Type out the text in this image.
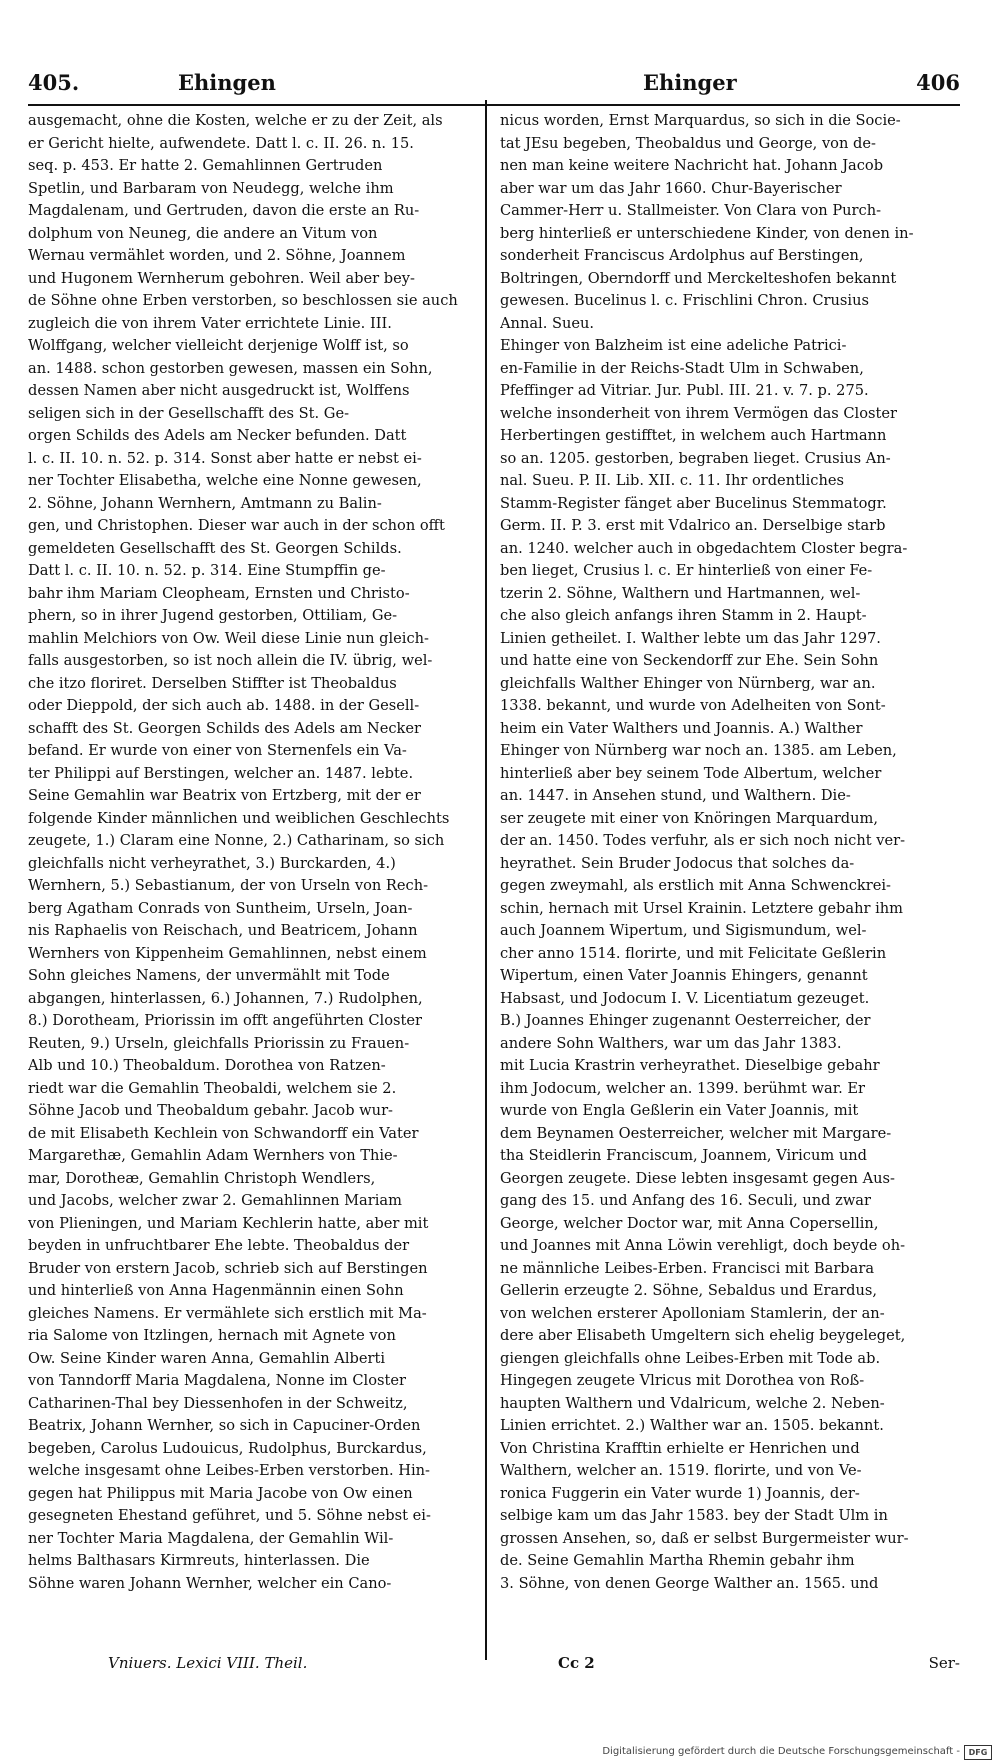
405.	Ehingen	Ehinger	406
ausgemacht, ohne die Kosten, welche er zu der Zeit, als
er Gericht hielte, aufwendete. Datt l. c. II. 26. n. 15.
seq. p. 453. Er hatte 2. Gemahlinnen Gertruden
Spetlin, und Barbaram von Neudegg, welche ihm
Magdalenam, und Gertruden, davon die erste an Ru-
dolphum von Neuneg, die andere an Vitum von
Wernau vermählet worden, und 2. Söhne, Joannem
und Hugonem Wernherum gebohren. Weil aber bey-
de Söhne ohne Erben verstorben, so beschlossen sie auch
zugleich die von ihrem Vater errichtete Linie. III.
Wolffgang, welcher vielleicht derjenige Wolff ist, so
an. 1488. schon gestorben gewesen, massen ein Sohn,
dessen Namen aber nicht ausgedruckt ist, Wolffens
seligen sich in der Gesellschafft des St. Ge-
orgen Schilds des Adels am Necker befunden. Datt
l. c. II. 10. n. 52. p. 314. Sonst aber hatte er nebst ei-
ner Tochter Elisabetha, welche eine Nonne gewesen,
2. Söhne, Johann Wernhern, Amtmann zu Balin-
gen, und Christophen. Dieser war auch in der schon offt
gemeldeten Gesellschafft des St. Georgen Schilds.
Datt l. c. II. 10. n. 52. p. 314. Eine Stumpffin ge-
bahr ihm Mariam Cleopheam, Ernsten und Christo-
phern, so in ihrer Jugend gestorben, Ottiliam, Ge-
mahlin Melchiors von Ow. Weil diese Linie nun gleich-
falls ausgestorben, so ist noch allein die IV. übrig, wel-
che itzo floriret. Derselben Stiffter ist Theobaldus
oder Dieppold, der sich auch ab. 1488. in der Gesell-
schafft des St. Georgen Schilds des Adels am Necker
befand. Er wurde von einer von Sternenfels ein Va-
ter Philippi auf Berstingen, welcher an. 1487. lebte.
Seine Gemahlin war Beatrix von Ertzberg, mit der er
folgende Kinder männlichen und weiblichen Geschlechts
zeugete, 1.) Claram eine Nonne, 2.) Catharinam, so sich
gleichfalls nicht verheyrathet, 3.) Burckarden, 4.)
Wernhern, 5.) Sebastianum, der von Urseln von Rech-
berg Agatham Conrads von Suntheim, Urseln, Joan-
nis Raphaelis von Reischach, und Beatricem, Johann
Wernhers von Kippenheim Gemahlinnen, nebst einem
Sohn gleiches Namens, der unvermählt mit Tode
abgangen, hinterlassen, 6.) Johannen, 7.) Rudolphen,
8.) Dorotheam, Priorissin im offt angeführten Closter
Reuten, 9.) Urseln, gleichfalls Priorissin zu Frauen-
Alb und 10.) Theobaldum. Dorothea von Ratzen-
riedt war die Gemahlin Theobaldi, welchem sie 2.
Söhne Jacob und Theobaldum gebahr. Jacob wur-
de mit Elisabeth Kechlein von Schwandorff ein Vater
Margarethæ, Gemahlin Adam Wernhers von Thie-
mar, Dorotheæ, Gemahlin Christoph Wendlers,
und Jacobs, welcher zwar 2. Gemahlinnen Mariam
von Plieningen, und Mariam Kechlerin hatte, aber mit
beyden in unfruchtbarer Ehe lebte. Theobaldus der
Bruder von erstern Jacob, schrieb sich auf Berstingen
und hinterließ von Anna Hagenmännin einen Sohn
gleiches Namens. Er vermählete sich erstlich mit Ma-
ria Salome von Itzlingen, hernach mit Agnete von
Ow. Seine Kinder waren Anna, Gemahlin Alberti
von Tanndorff Maria Magdalena, Nonne im Closter
Catharinen-Thal bey Diessenhofen in der Schweitz,
Beatrix, Johann Wernher, so sich in Capuciner-Orden
begeben, Carolus Ludouicus, Rudolphus, Burckardus,
welche insgesamt ohne Leibes-Erben verstorben. Hin-
gegen hat Philippus mit Maria Jacobe von Ow einen
gesegneten Ehestand geführet, und 5. Söhne nebst ei-
ner Tochter Maria Magdalena, der Gemahlin Wil-
helms Balthasars Kirmreuts, hinterlassen. Die
Söhne waren Johann Wernher, welcher ein Cano-
nicus worden, Ernst Marquardus, so sich in die Socie-
tat JEsu begeben, Theobaldus und George, von de-
nen man keine weitere Nachricht hat. Johann Jacob
aber war um das Jahr 1660. Chur-Bayerischer
Cammer-Herr u. Stallmeister. Von Clara von Purch-
berg hinterließ er unterschiedene Kinder, von denen in-
sonderheit Franciscus Ardolphus auf Berstingen,
Boltringen, Oberndorff und Merckelteshofen bekannt
gewesen. Bucelinus l. c. Frischlini Chron. Crusius
Annal. Sueu.
Ehinger von Balzheim ist eine adeliche Patrici-
en-Familie in der Reichs-Stadt Ulm in Schwaben,
Pfeffinger ad Vitriar. Jur. Publ. III. 21. v. 7. p. 275.
welche insonderheit von ihrem Vermögen das Closter
Herbertingen gestifftet, in welchem auch Hartmann
so an. 1205. gestorben, begraben lieget. Crusius An-
nal. Sueu. P. II. Lib. XII. c. 11. Ihr ordentliches
Stamm-Register fänget aber Bucelinus Stemmatogr.
Germ. II. P. 3. erst mit Vdalrico an. Derselbige starb
an. 1240. welcher auch in obgedachtem Closter begra-
ben lieget, Crusius l. c. Er hinterließ von einer Fe-
tzerin 2. Söhne, Walthern und Hartmannen, wel-
che also gleich anfangs ihren Stamm in 2. Haupt-
Linien getheilet. I. Walther lebte um das Jahr 1297.
und hatte eine von Seckendorff zur Ehe. Sein Sohn
gleichfalls Walther Ehinger von Nürnberg, war an.
1338. bekannt, und wurde von Adelheiten von Sont-
heim ein Vater Walthers und Joannis. A.) Walther
Ehinger von Nürnberg war noch an. 1385. am Leben,
hinterließ aber bey seinem Tode Albertum, welcher
an. 1447. in Ansehen stund, und Walthern. Die-
ser zeugete mit einer von Knöringen Marquardum,
der an. 1450. Todes verfuhr, als er sich noch nicht ver-
heyrathet. Sein Bruder Jodocus that solches da-
gegen zweymahl, als erstlich mit Anna Schwenckrei-
schin, hernach mit Ursel Krainin. Letztere gebahr ihm
auch Joannem Wipertum, und Sigismundum, wel-
cher anno 1514. florirte, und mit Felicitate Geßlerin
Wipertum, einen Vater Joannis Ehingers, genannt
Habsast, und Jodocum I. V. Licentiatum gezeuget.
B.) Joannes Ehinger zugenannt Oesterreicher, der
andere Sohn Walthers, war um das Jahr 1383.
mit Lucia Krastrin verheyrathet. Dieselbige gebahr
ihm Jodocum, welcher an. 1399. berühmt war. Er
wurde von Engla Geßlerin ein Vater Joannis, mit
dem Beynamen Oesterreicher, welcher mit Margare-
tha Steidlerin Franciscum, Joannem, Viricum und
Georgen zeugete. Diese lebten insgesamt gegen Aus-
gang des 15. und Anfang des 16. Seculi, und zwar
George, welcher Doctor war, mit Anna Copersellin,
und Joannes mit Anna Löwin verehligt, doch beyde oh-
ne männliche Leibes-Erben. Francisci mit Barbara
Gellerin erzeugte 2. Söhne, Sebaldus und Erardus,
von welchen ersterer Apolloniam Stamlerin, der an-
dere aber Elisabeth Umgeltern sich ehelig beygeleget,
giengen gleichfalls ohne Leibes-Erben mit Tode ab.
Hingegen zeugete Vlricus mit Dorothea von Roß-
haupten Walthern und Vdalricum, welche 2. Neben-
Linien errichtet. 2.) Walther war an. 1505. bekannt.
Von Christina Krafftin erhielte er Henrichen und
Walthern, welcher an. 1519. florirte, und von Ve-
ronica Fuggerin ein Vater wurde 1) Joannis, der-
selbige kam um das Jahr 1583. bey der Stadt Ulm in
grossen Ansehen, so, daß er selbst Burgermeister wur-
de. Seine Gemahlin Martha Rhemin gebahr ihm
3. Söhne, von denen George Walther an. 1565. und
Vniuers. Lexici VIII. Theil.	Cc 2	Ser-
Digitalisierung gefördert durch die Deutsche Forschungsgemeinschaft -	DFG
